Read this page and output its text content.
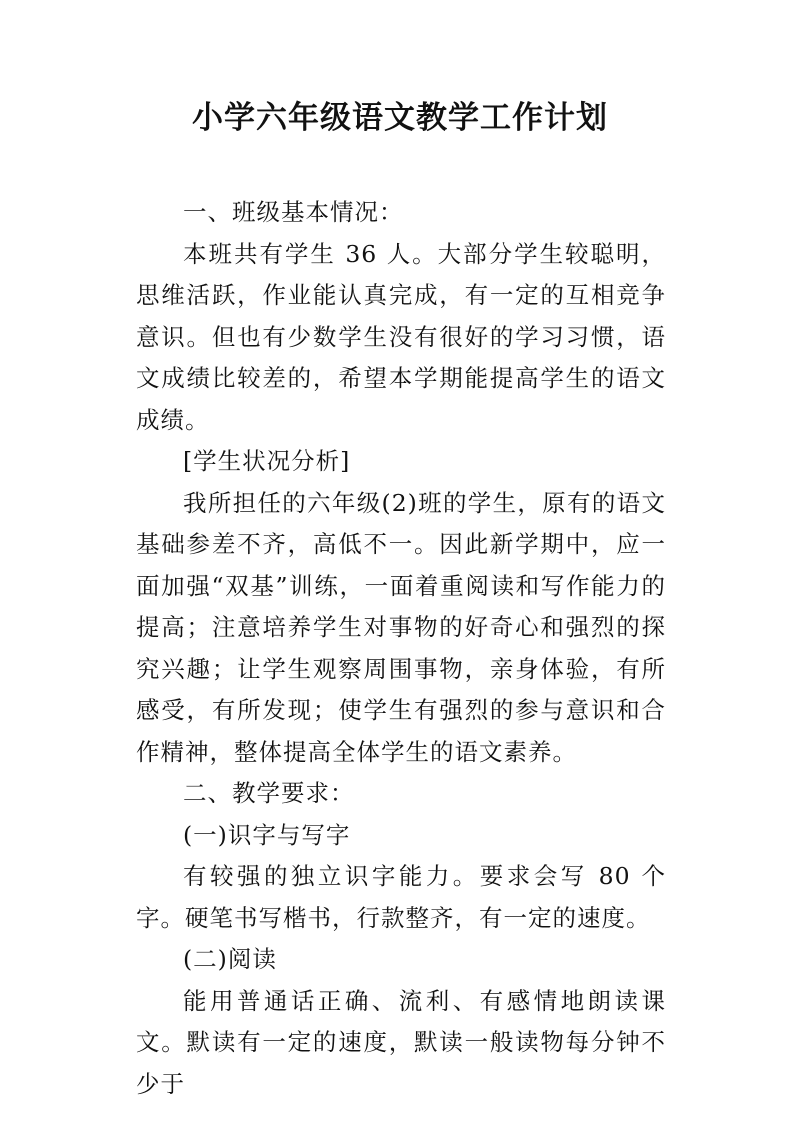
小学六年级语文教学工作计划

一、班级基本情况：

本班共有学生 36 人。大部分学生较聪明，思维活跃，作业能认真完成，有一定的互相竞争意识。但也有少数学生没有很好的学习习惯，语文成绩比较差的，希望本学期能提高学生的语文成绩。

[学生状况分析]

我所担任的六年级(2)班的学生，原有的语文基础参差不齐，高低不一。因此新学期中，应一面加强“双基”训练，一面着重阅读和写作能力的提高；注意培养学生对事物的好奇心和强烈的探究兴趣；让学生观察周围事物，亲身体验，有所感受，有所发现；使学生有强烈的参与意识和合作精神，整体提高全体学生的语文素养。

二、教学要求：

(一)识字与写字

有较强的独立识字能力。要求会写 80 个字。硬笔书写楷书，行款整齐，有一定的速度。

(二)阅读

能用普通话正确、流利、有感情地朗读课文。默读有一定的速度，默读一般读物每分钟不少于
